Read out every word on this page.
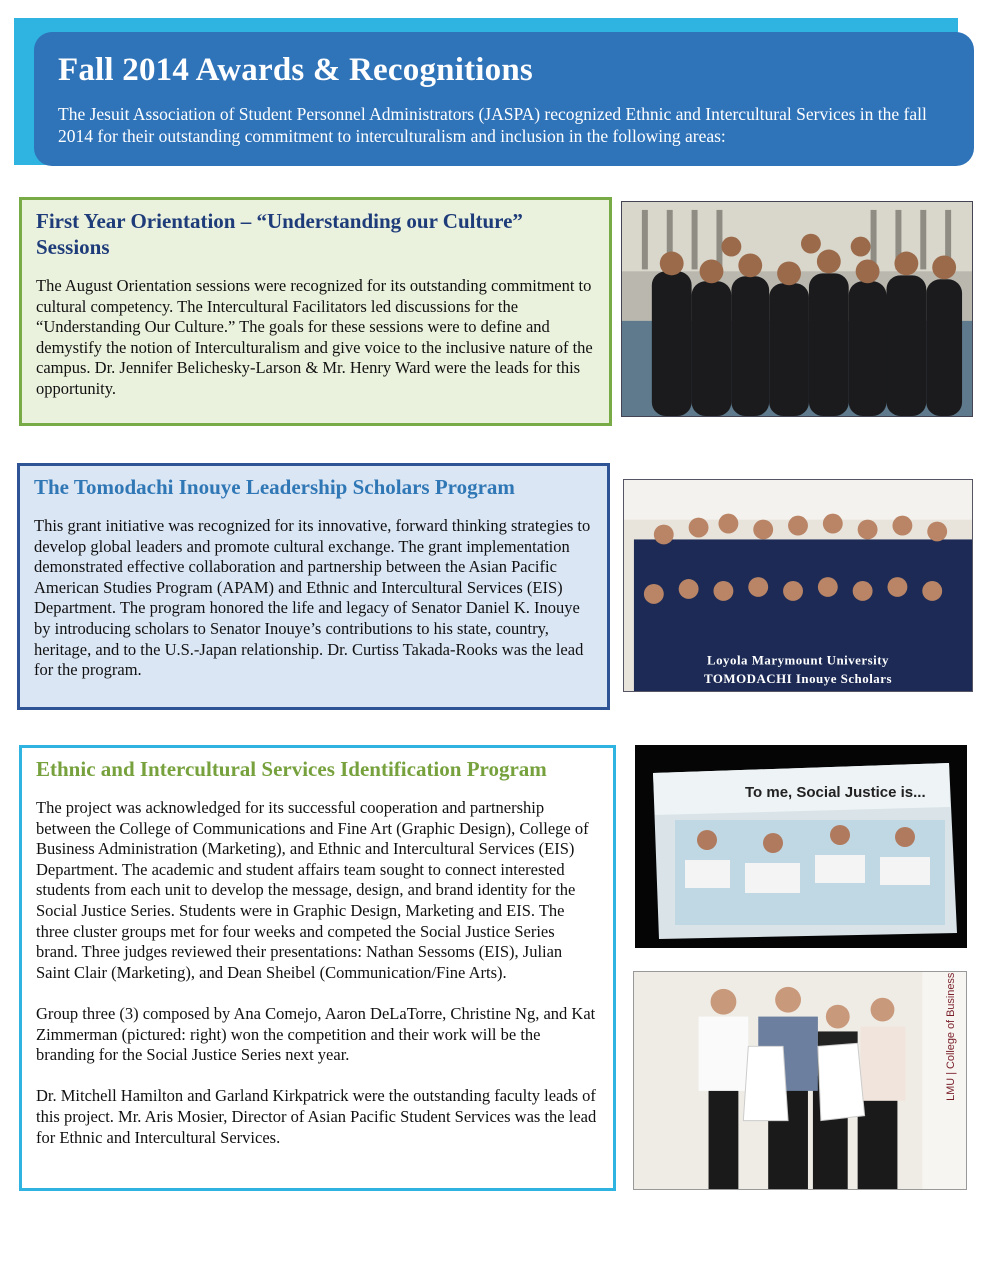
Fall 2014 Awards & Recognitions

The Jesuit Association of Student Personnel Administrators (JASPA) recognized Ethnic and Intercultural Services in the fall 2014 for their outstanding commitment to interculturalism and inclusion in the following areas:

First Year Orientation – “Understanding our Culture” Sessions

The August Orientation sessions were recognized for its outstanding commitment to cultural competency. The Intercultural Facilitators led discussions for the “Understanding Our Culture.” The goals for these sessions were to define and demystify the notion of Interculturalism and give voice to the inclusive nature of the campus. Dr. Jennifer Belichesky-Larson & Mr. Henry Ward were the leads for this opportunity.

The Tomodachi Inouye Leadership Scholars Program

This grant initiative was recognized for its innovative, forward thinking strategies to develop global leaders and promote cultural exchange. The grant implementation demonstrated effective collaboration and partnership between the Asian Pacific American Studies Program (APAM) and Ethnic and Intercultural Services (EIS) Department. The program honored the life and legacy of Senator Daniel K. Inouye by introducing scholars to Senator Inouye’s contributions to his state, country, heritage, and to the U.S.-Japan relationship. Dr. Curtiss Takada-Rooks was the lead for the program.	Loyola Marymount University
TOMODACHI Inouye Scholars
Ethnic and Intercultural Services Identification Program

The project was acknowledged for its successful cooperation and partnership between the College of Communications and Fine Art (Graphic Design), College of Business Administration (Marketing), and Ethnic and Intercultural Services (EIS) Department. The academic and student affairs team sought to connect interested students from each unit to develop the message, design, and brand identity for the Social Justice Series. Students were in Graphic Design, Marketing and EIS. The three cluster groups met for four weeks and competed the Social Justice Series brand. Three judges reviewed their presentations: Nathan Sessoms (EIS), Julian Saint Clair (Marketing), and Dean Sheibel (Communication/Fine Arts).

Group three (3) composed by Ana Comejo, Aaron DeLaTorre, Christine Ng, and Kat Zimmerman (pictured: right) won the competition and their work will be the branding for the Social Justice Series next year.

Dr. Mitchell Hamilton and Garland Kirkpatrick were the outstanding faculty leads of this project. Mr. Aris Mosier, Director of Asian Pacific Student Services was the lead for Ethnic and Intercultural Services.

To me, Social Justice is...
LMU | College of Business
